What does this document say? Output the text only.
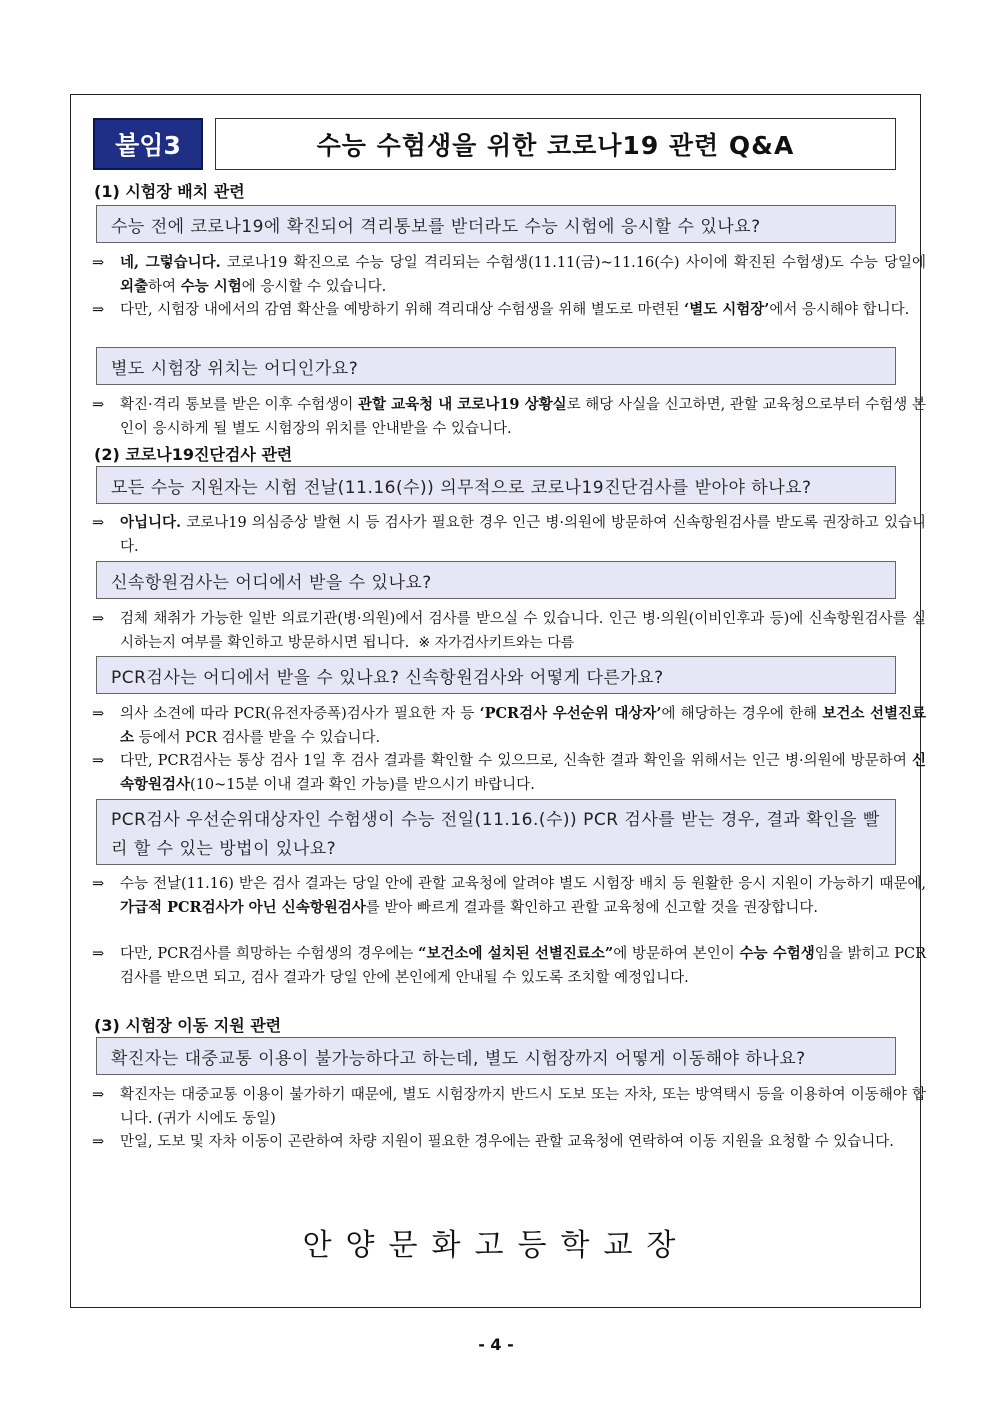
붙임3	수능 수험생을 위한 코로나19 관련 Q&A
(1) 시험장 배치 관련
수능 전에 코로나19에 확진되어 격리통보를 받더라도 수능 시험에 응시할 수 있나요?
⇒ 네, 그렇습니다. 코로나19 확진으로 수능 당일 격리되는 수험생(11.11(금)~11.16(수) 사이에 확진된 수험생)도 수능 당일에 외출하여 수능 시험에 응시할 수 있습니다.
⇒ 다만, 시험장 내에서의 감염 확산을 예방하기 위해 격리대상 수험생을 위해 별도로 마련된 ‘별도 시험장’에서 응시해야 합니다.
별도 시험장 위치는 어디인가요?
⇒ 확진·격리 통보를 받은 이후 수험생이 관할 교육청 내 코로나19 상황실로 해당 사실을 신고하면, 관할 교육청으로부터 수험생 본인이 응시하게 될 별도 시험장의 위치를 안내받을 수 있습니다.
(2) 코로나19진단검사 관련
모든 수능 지원자는 시험 전날(11.16(수)) 의무적으로 코로나19진단검사를 받아야 하나요?
⇒ 아닙니다. 코로나19 의심증상 발현 시 등 검사가 필요한 경우 인근 병·의원에 방문하여 신속항원검사를 받도록 권장하고 있습니다.
신속항원검사는 어디에서 받을 수 있나요?
⇒ 검체 채취가 가능한 일반 의료기관(병·의원)에서 검사를 받으실 수 있습니다. 인근 병·의원(이비인후과 등)에 신속항원검사를 실시하는지 여부를 확인하고 방문하시면 됩니다. ※ 자가검사키트와는 다름
PCR검사는 어디에서 받을 수 있나요? 신속항원검사와 어떻게 다른가요?
⇒ 의사 소견에 따라 PCR(유전자증폭)검사가 필요한 자 등 ‘PCR검사 우선순위 대상자’에 해당하는 경우에 한해 보건소 선별진료소 등에서 PCR 검사를 받을 수 있습니다.
⇒ 다만, PCR검사는 통상 검사 1일 후 검사 결과를 확인할 수 있으므로, 신속한 결과 확인을 위해서는 인근 병·의원에 방문하여 신속항원검사(10~15분 이내 결과 확인 가능)를 받으시기 바랍니다.
PCR검사 우선순위대상자인 수험생이 수능 전일(11.16.(수)) PCR 검사를 받는 경우, 결과 확인을 빨리 할 수 있는 방법이 있나요?
⇒ 수능 전날(11.16) 받은 검사 결과는 당일 안에 관할 교육청에 알려야 별도 시험장 배치 등 원활한 응시 지원이 가능하기 때문에, 가급적 PCR검사가 아닌 신속항원검사를 받아 빠르게 결과를 확인하고 관할 교육청에 신고할 것을 권장합니다.
⇒ 다만, PCR검사를 희망하는 수험생의 경우에는 “보건소에 설치된 선별진료소”에 방문하여 본인이 수능 수험생임을 밝히고 PCR검사를 받으면 되고, 검사 결과가 당일 안에 본인에게 안내될 수 있도록 조치할 예정입니다.
(3) 시험장 이동 지원 관련
확진자는 대중교통 이용이 불가능하다고 하는데, 별도 시험장까지 어떻게 이동해야 하나요?
⇒ 확진자는 대중교통 이용이 불가하기 때문에, 별도 시험장까지 반드시 도보 또는 자차, 또는 방역택시 등을 이용하여 이동해야 합니다. (귀가 시에도 동일)
⇒ 만일, 도보 및 자차 이동이 곤란하여 차량 지원이 필요한 경우에는 관할 교육청에 연락하여 이동 지원을 요청할 수 있습니다.
안양문화고등학교장
- 4 -
